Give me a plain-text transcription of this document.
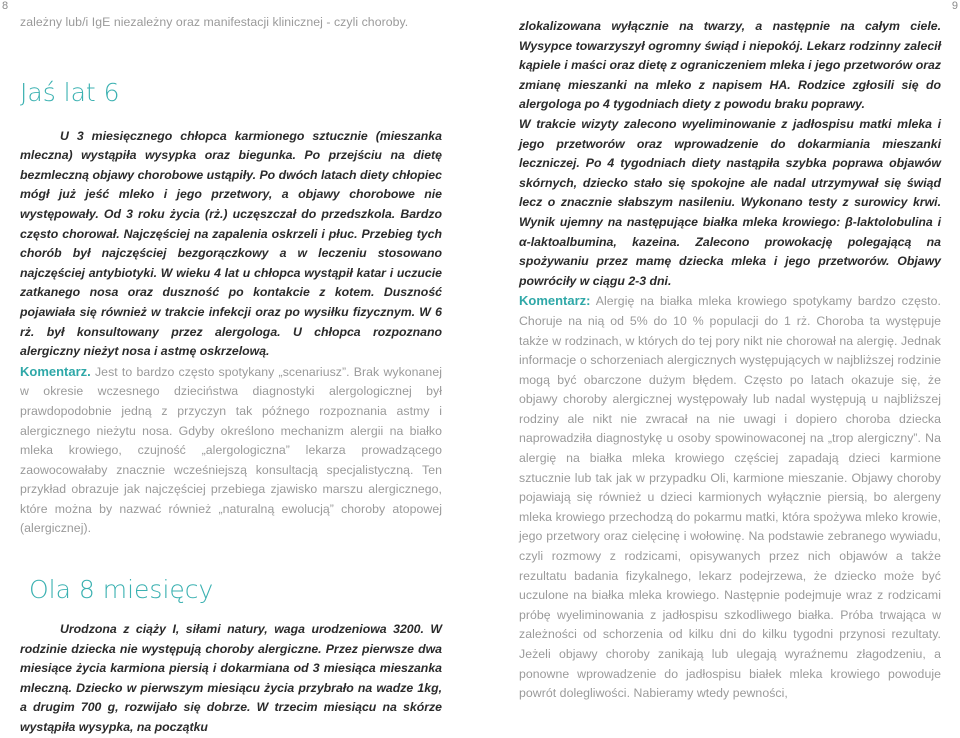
8	9

zależny lub/i IgE niezależny oraz manifestacji klinicznej - czyli choroby.

Jaś lat 6

U 3 miesięcznego chłopca karmionego sztucznie (mieszanka mleczna) wystąpiła wysypka oraz biegunka. Po przejściu na dietę bezmleczną objawy chorobowe ustąpiły. Po dwóch latach diety chłopiec mógł już jeść mleko i jego przetwory, a objawy chorobowe nie występowały. Od 3 roku życia (rż.) uczęszczał do przedszkola. Bardzo często chorował. Najczęściej na zapalenia oskrzeli i płuc. Przebieg tych chorób był najczęściej bezgorączkowy a w leczeniu stosowano najczęściej antybiotyki. W wieku 4 lat u chłopca wystąpił katar i uczucie zatkanego nosa oraz duszność po kontakcie z kotem. Duszność pojawiała się również w trakcie infekcji oraz po wysiłku fizycznym. W 6 rż. był konsultowany przez alergologa. U chłopca rozpoznano alergiczny nieżyt nosa i astmę oskrzelową.

Komentarz. Jest to bardzo często spotykany „scenariusz”. Brak wykonanej w okresie wczesnego dzieciństwa diagnostyki alergologicznej był prawdopodobnie jedną z przyczyn tak późnego rozpoznania astmy i alergicznego nieżytu nosa. Gdyby określono mechanizm alergii na białko mleka krowiego, czujność „alergologiczna” lekarza prowadzącego zaowocowałaby znacznie wcześniejszą konsultacją specjalistyczną. Ten przykład obrazuje jak najczęściej przebiega zjawisko marszu alergicznego, które można by nazwać również „naturalną ewolucją” choroby atopowej (alergicznej).

Ola 8 miesięcy

Urodzona z ciąży I, siłami natury, waga urodzeniowa 3200. W rodzinie dziecka nie występują choroby alergiczne. Przez pierwsze dwa miesiące życia karmiona piersią i dokarmiana od 3 miesiąca mieszanka mleczną. Dziecko w pierwszym miesiącu życia przybrało na wadze 1kg, a drugim 700 g, rozwijało się dobrze. W trzecim miesiącu na skórze wystąpiła wysypka, na początku

zlokalizowana wyłącznie na twarzy, a następnie na całym ciele. Wysypce towarzyszył ogromny świąd i niepokój. Lekarz rodzinny zalecił kąpiele i maści oraz dietę z ograniczeniem mleka i jego przetworów oraz zmianę mieszanki na mleko z napisem HA. Rodzice zgłosili się do alergologa po 4 tygodniach diety z powodu braku poprawy.

W trakcie wizyty zalecono wyeliminowanie z jadłospisu matki mleka i jego przetworów oraz wprowadzenie do dokarmiania mieszanki leczniczej. Po 4 tygodniach diety nastąpiła szybka poprawa objawów skórnych, dziecko stało się spokojne ale nadal utrzymywał się świąd lecz o znacznie słabszym nasileniu. Wykonano testy z surowicy krwi. Wynik ujemny na następujące białka mleka krowiego: β-laktolobulina i α-laktoalbumina, kazeina. Zalecono prowokację polegającą na spożywaniu przez mamę dziecka mleka i jego przetworów. Objawy powróciły w ciągu 2-3 dni.

Komentarz: Alergię na białka mleka krowiego spotykamy bardzo często. Choruje na nią od 5% do 10 % populacji do 1 rż. Choroba ta występuje także w rodzinach, w których do tej pory nikt nie chorował na alergię. Jednak informacje o schorzeniach alergicznych występujących w najbliższej rodzinie mogą być obarczone dużym błędem. Często po latach okazuje się, że objawy choroby alergicznej występowały lub nadal występują u najbliższej rodziny ale nikt nie zwracał na nie uwagi i dopiero choroba dziecka naprowadziła diagnostykę u osoby spowinowaconej na „trop alergiczny”. Na alergię na białka mleka krowiego częściej zapadają dzieci karmione sztucznie lub tak jak w przypadku Oli, karmione mieszanie. Objawy choroby pojawiają się również u dzieci karmionych wyłącznie piersią, bo alergeny mleka krowiego przechodzą do pokarmu matki, która spożywa mleko krowie, jego przetwory oraz cielęcinę i wołowinę. Na podstawie zebranego wywiadu, czyli rozmowy z rodzicami, opisywanych przez nich objawów a także rezultatu badania fizykalnego, lekarz podejrzewa, że dziecko może być uczulone na białka mleka krowiego. Następnie podejmuje wraz z rodzicami próbę wyeliminowania z jadłospisu szkodliwego białka. Próba trwająca w zależności od schorzenia od kilku dni do kilku tygodni przynosi rezultaty. Jeżeli objawy choroby zanikają lub ulegają wyraźnemu złagodzeniu, a ponowne wprowadzenie do jadłospisu białek mleka krowiego powoduje powrót dolegliwości. Nabieramy wtedy pewności,
